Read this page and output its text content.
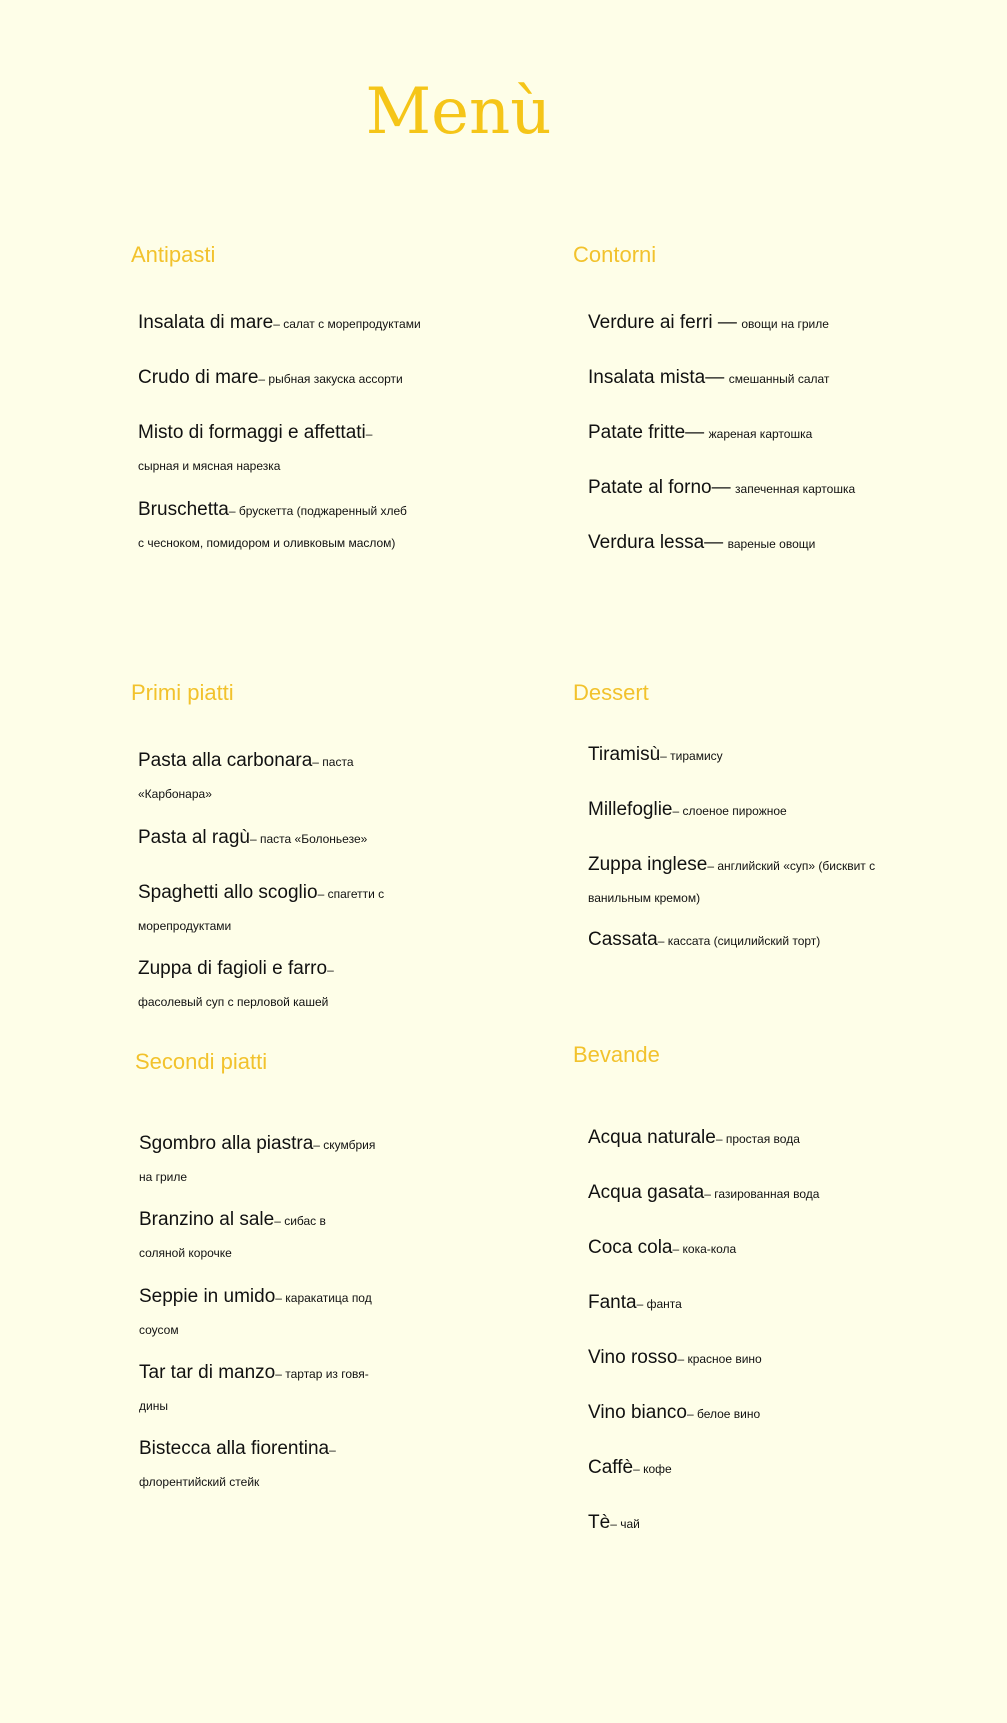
Menù
Antipasti
Insalata di mare– салат с морепродуктами
Crudo di mare– рыбная закуска ассорти
Misto di formaggi e affettati– сырная и мясная нарезка
Bruschetta– брускетта (поджаренный хлеб с чесноком, помидором и оливковым маслом)
Contorni
Verdure ai ferri — овощи на гриле
Insalata mista— смешанный салат
Patate fritte— жареная картошка
Patate al forno— запеченная картошка
Verdura lessa— вареные овощи
Primi piatti
Pasta alla carbonara– паста «Карбонара»
Pasta al ragù– паста «Болоньезе»
Spaghetti allo scoglio– спагетти с морепродуктами
Zuppa di fagioli e farro– фасолевый суп с перловой кашей
Dessert
Tiramisù– тирамису
Millefoglie– слоеное пирожное
Zuppa inglese– английский «суп» (бисквит с ванильным кремом)
Cassata– кассата (сицилийский торт)
Secondi piatti
Sgombro alla piastra– скумбрия на гриле
Branzino al sale– сибас в соляной корочке
Seppie in umido– каракатица под соусом
Tar tar di manzo– тартар из говя-дины
Bistecca alla fiorentina– флорентийский стейк
Bevande
Acqua naturale– простая вода
Acqua gasata– газированная вода
Coca cola– кока-кола
Fanta– фанта
Vino rosso– красное вино
Vino bianco– белое вино
Caffè– кофе
Tè– чай
